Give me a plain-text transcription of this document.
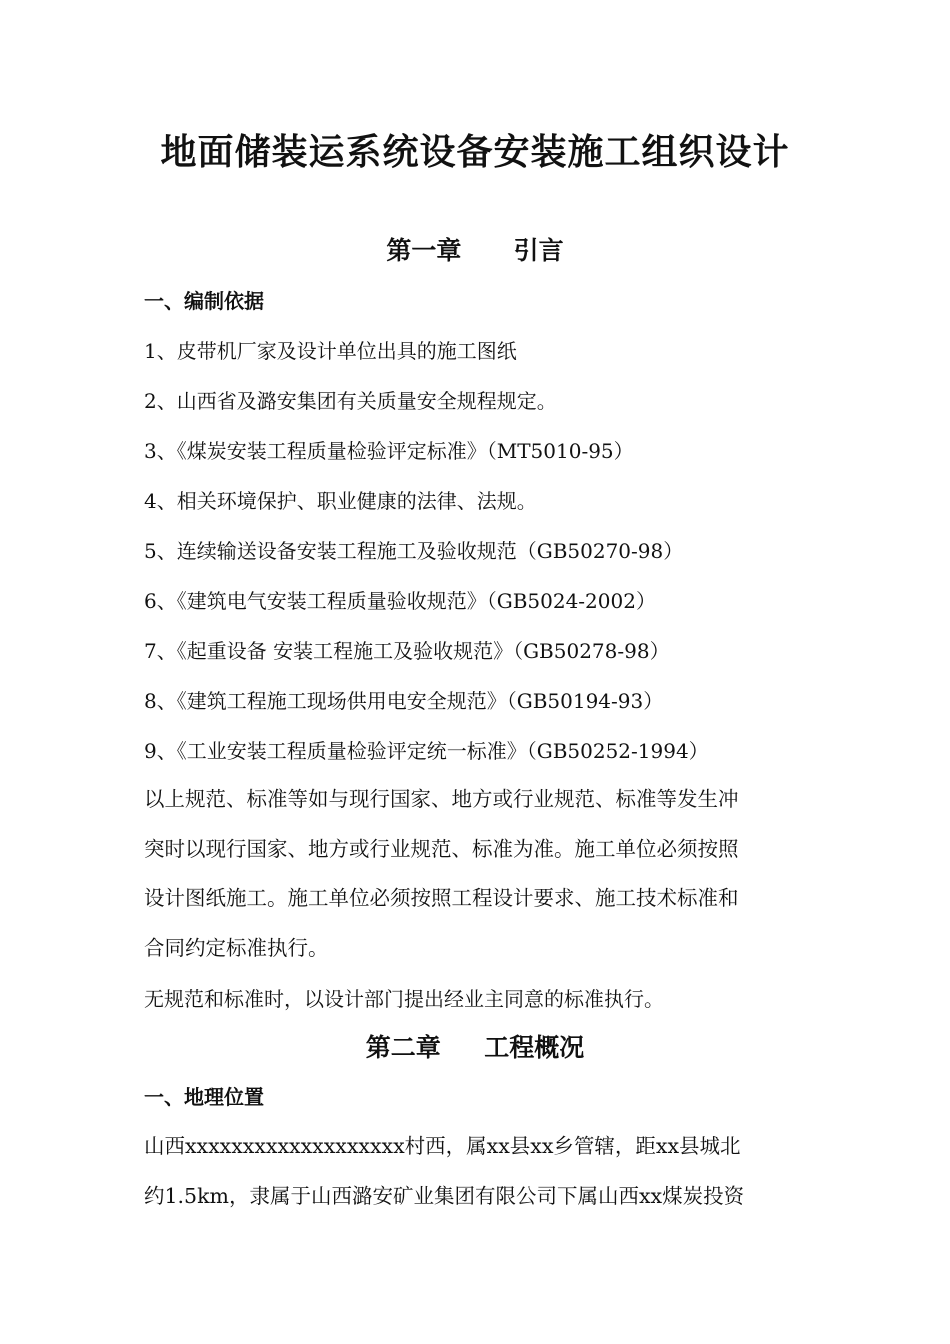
地面储装运系统设备安装施工组织设计
第一章      引言
一、编制依据
1、皮带机厂家及设计单位出具的施工图纸
2、山西省及潞安集团有关质量安全规程规定。
3、《煤炭安装工程质量检验评定标准》（MT5010-95）
4、相关环境保护、职业健康的法律、法规。
5、连续输送设备安装工程施工及验收规范（GB50270-98）
6、《建筑电气安装工程质量验收规范》（GB5024-2002）
7、《起重设备 安装工程施工及验收规范》（GB50278-98）
8、《建筑工程施工现场供用电安全规范》（GB50194-93）
9、《工业安装工程质量检验评定统一标准》（GB50252-1994）
以上规范、标准等如与现行国家、地方或行业规范、标准等发生冲
突时以现行国家、地方或行业规范、标准为准。施工单位必须按照
设计图纸施工。施工单位必须按照工程设计要求、施工技术标准和
合同约定标准执行。
无规范和标准时，以设计部门提出经业主同意的标准执行。
第二章     工程概况
一、地理位置
山西xxxxxxxxxxxxxxxxxxx村西，属xx县xx乡管辖，距xx县城北
约1.5km，隶属于山西潞安矿业集团有限公司下属山西xx煤炭投资
